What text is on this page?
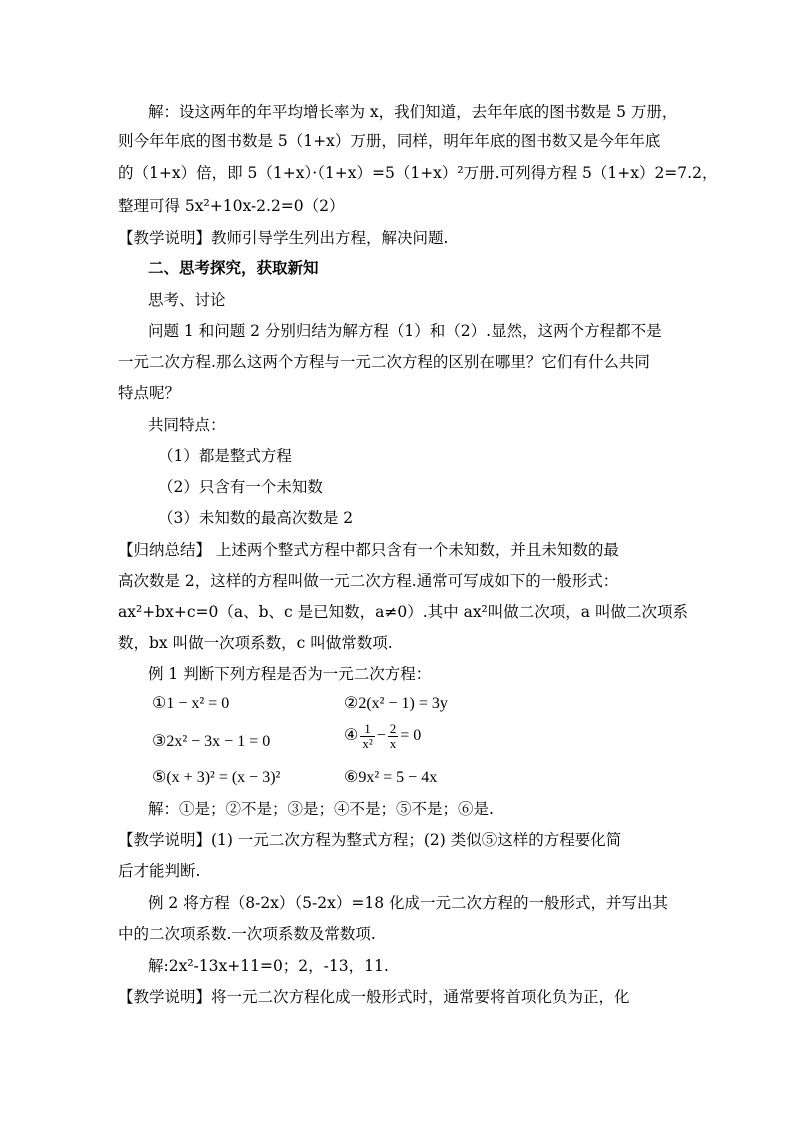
解：设这两年的年平均增长率为 x，我们知道，去年年底的图书数是 5 万册，
则今年年底的图书数是 5（1+x）万册，同样，明年年底的图书数又是今年年底
的（1+x）倍，即 5（1+x）·（1+x）=5（1+x）²万册.可列得方程 5（1+x）2=7.2，
整理可得 5x²+10x-2.2=0（2）
【教学说明】教师引导学生列出方程，解决问题.
二、思考探究，获取新知
思考、讨论
问题 1 和问题 2 分别归结为解方程（1）和（2）.显然，这两个方程都不是
一元二次方程.那么这两个方程与一元二次方程的区别在哪里？它们有什么共同
特点呢？
共同特点：
（1）都是整式方程
（2）只含有一个未知数
（3）未知数的最高次数是 2
【归纳总结】 上述两个整式方程中都只含有一个未知数，并且未知数的最
高次数是 2，这样的方程叫做一元二次方程.通常可写成如下的一般形式：
ax²+bx+c=0（a、b、c 是已知数，a≠0）.其中 ax²叫做二次项，a 叫做二次项系
数，bx 叫做一次项系数，c 叫做常数项.
例 1 判断下列方程是否为一元二次方程：
①1 − x² = 0	②2(x² − 1) = 3y
③2x² − 3x − 1 = 0	④ $\frac{1}{\text{x²}} - \frac{2}{x} = 0$
⑤(x + 3)² = (x − 3)²	⑥9x² = 5 − 4x
解：①是；②不是；③是；④不是；⑤不是；⑥是.
【教学说明】(1) 一元二次方程为整式方程；(2) 类似⑤这样的方程要化简
后才能判断.
例 2 将方程（8-2x）（5-2x）=18 化成一元二次方程的一般形式，并写出其
中的二次项系数.一次项系数及常数项.
解:2x²-13x+11=0；2，-13，11.
【教学说明】将一元二次方程化成一般形式时，通常要将首项化负为正，化
